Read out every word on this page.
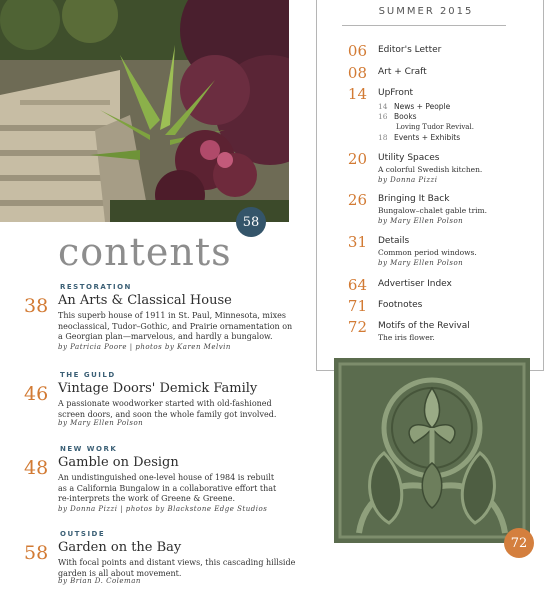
58
contents
38
RESTORATION
An Arts & Classical House
This superb house of 1911 in St. Paul, Minnesota, mixes
neoclassical, Tudor–Gothic, and Prairie ornamentation on
a Georgian plan—marvelous, and hardly a bungalow.
by Patricia Poore | photos by Karen Melvin
46
THE GUILD
Vintage Doors' Demick Family
A passionate woodworker started with old-fashioned
screen doors, and soon the whole family got involved.
by Mary Ellen Polson
48
NEW WORK
Gamble on Design
An undistinguished one-level house of 1984 is rebuilt
as a California Bungalow in a collaborative effort that
re-interprets the work of Greene & Greene.
by Donna Pizzi | photos by Blackstone Edge Studios
58
OUTSIDE
Garden on the Bay
With focal points and distant views, this cascading hillside
garden is all about movement.
by Brian D. Coleman
SUMMER 2015
06 Editor's Letter
08 Art + Craft
14 UpFront
14 News + People
16 Books
Loving Tudor Revival.
18 Events + Exhibits
20 Utility Spaces
A colorful Swedish kitchen.
by Donna Pizzi
26 Bringing It Back
Bungalow–chalet gable trim.
by Mary Ellen Polson
31 Details
Common period windows.
by Mary Ellen Polson
64 Advertiser Index
71 Footnotes
72 Motifs of the Revival
The iris flower.
72
